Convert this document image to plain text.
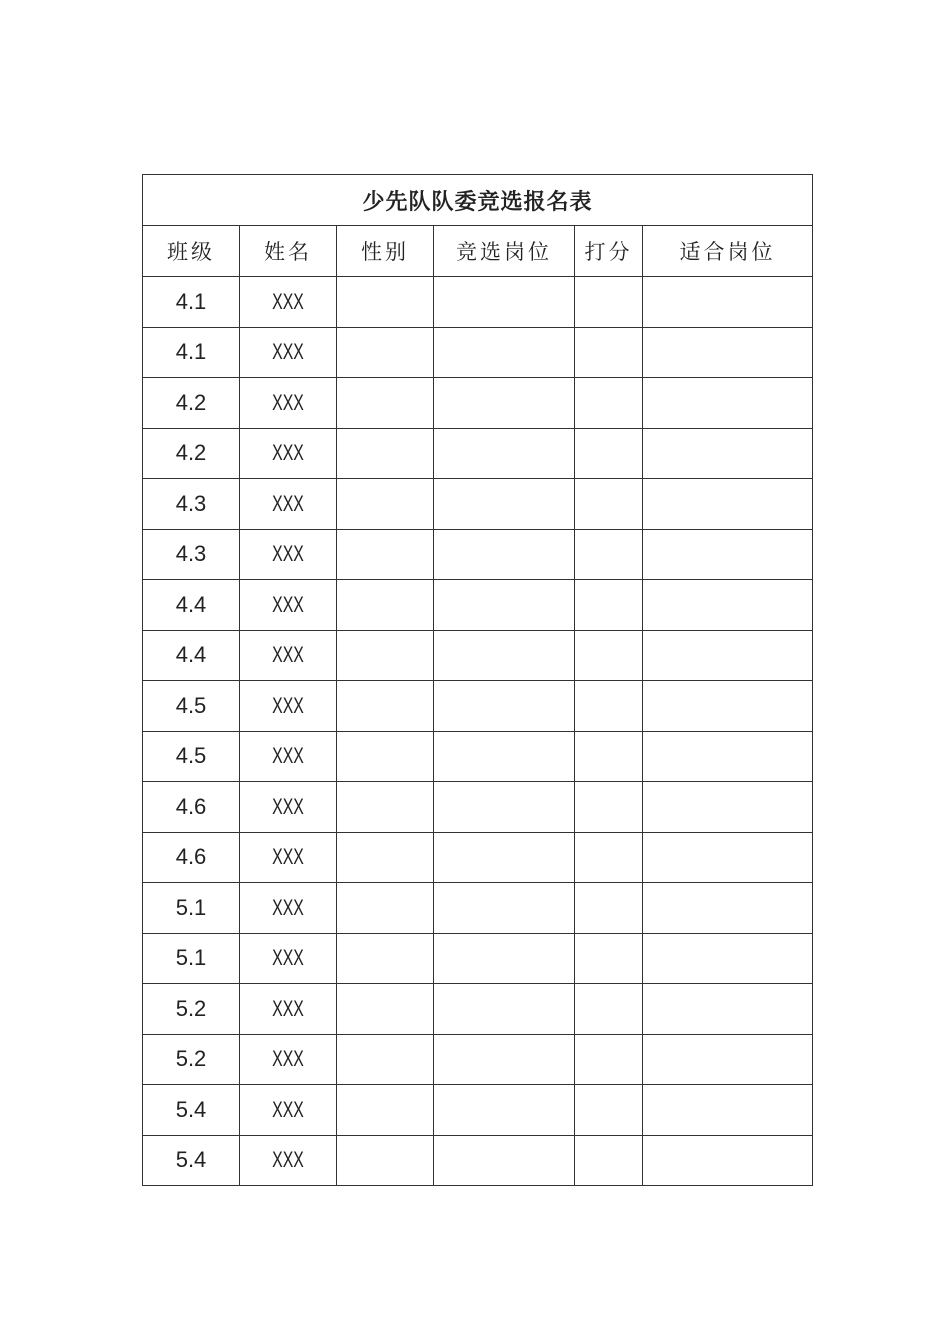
少先队队委竞选报名表					
班级	姓名	性别	竞选岗位	打分	适合岗位
4.1	XXX				
4.1	XXX				
4.2	XXX				
4.2	XXX				
4.3	XXX				
4.3	XXX				
4.4	XXX				
4.4	XXX				
4.5	XXX				
4.5	XXX				
4.6	XXX				
4.6	XXX				
5.1	XXX				
5.1	XXX				
5.2	XXX				
5.2	XXX				
5.4	XXX				
5.4	XXX				
